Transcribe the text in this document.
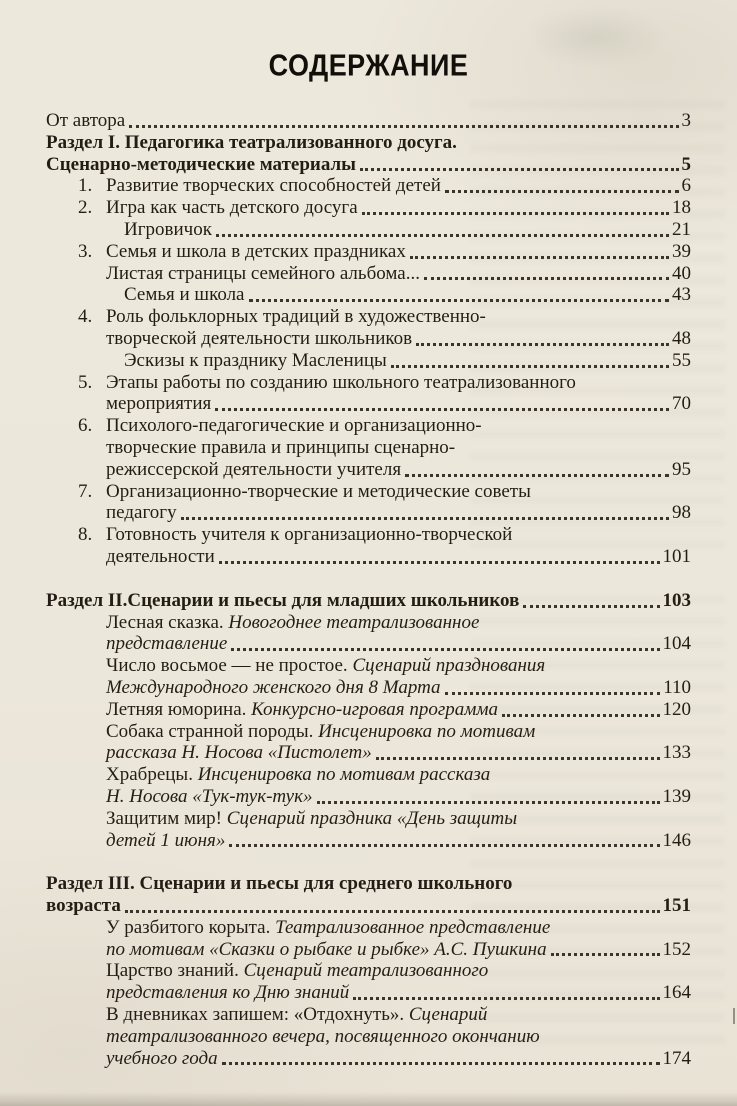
СОДЕРЖАНИЕ
От автора	3
Раздел I. Педагогика театрализованного досуга.
Сценарно-методические материалы	5
1. Развитие творческих способностей детей	6
2. Игра как часть детского досуга	18
Игровичок	21
3. Семья и школа в детских праздниках	39
Листая страницы семейного альбома...	40
Семья и школа	43
4. Роль фольклорных традиций в художественно-
творческой деятельности школьников	48
Эскизы к празднику Масленицы	55
5. Этапы работы по созданию школьного театрализованного
мероприятия	70
6. Психолого-педагогические и организационно-
творческие правила и принципы сценарно-
режиссерской деятельности учителя	95
7. Организационно-творческие и методические советы
педагогу	98
8. Готовность учителя к организационно-творческой
деятельности	101
Раздел II.Сценарии и пьесы для младших школьников	103
Лесная сказка. Новогоднее театрализованное
представление	104
Число восьмое — не простое. Сценарий празднования
Международного женского дня 8 Марта	110
Летняя юморина. Конкурсно-игровая программа	120
Собака странной породы. Инсценировка по мотивам
рассказа Н. Носова «Пистолет»	133
Храбрецы. Инсценировка по мотивам рассказа
Н. Носова «Тук-тук-тук»	139
Защитим мир! Сценарий праздника «День защиты
детей 1 июня»	146
Раздел III. Сценарии и пьесы для среднего школьного
возраста	151
У разбитого корыта. Театрализованное представление
по мотивам «Сказки о рыбаке и рыбке» А.С. Пушкина	152
Царство знаний. Сценарий театрализованного
представления ко Дню знаний	164
В дневниках запишем: «Отдохнуть». Сценарий
театрализованного вечера, посвященного окончанию
учебного года	174
